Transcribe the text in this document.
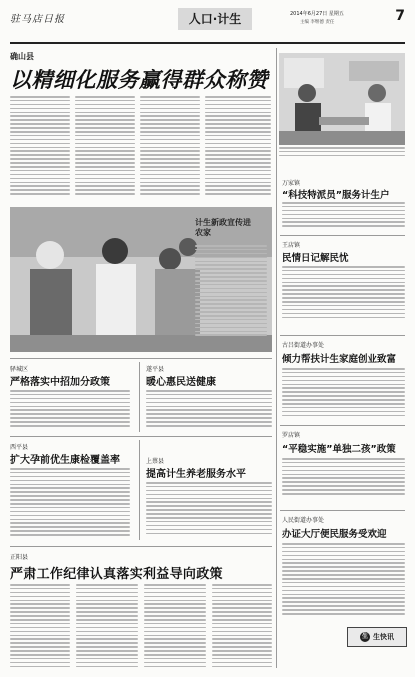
驻马店日报	人口·计生	2014年6月27日 星期五
主编 李继德 责任	7
确山县
以精细化服务赢得群众称赞
万家镇
“科技特派员”服务计生户
王店镇
民情日记解民忧
古吕街道办事处
倾力帮扶计生家庭创业致富
罗店镇
“平稳实施”单独二孩”政策
人民街道办事处
办证大厅便民服务受欢迎
计生新政宣传进农家
驿城区
严格落实中招加分政策
遂平县
暖心惠民送健康
西平县
扩大孕前优生康检覆盖率	上蔡县
提高计生养老服务水平
正阳县
严肃工作纪律认真落实利益导向政策
生 生快讯
